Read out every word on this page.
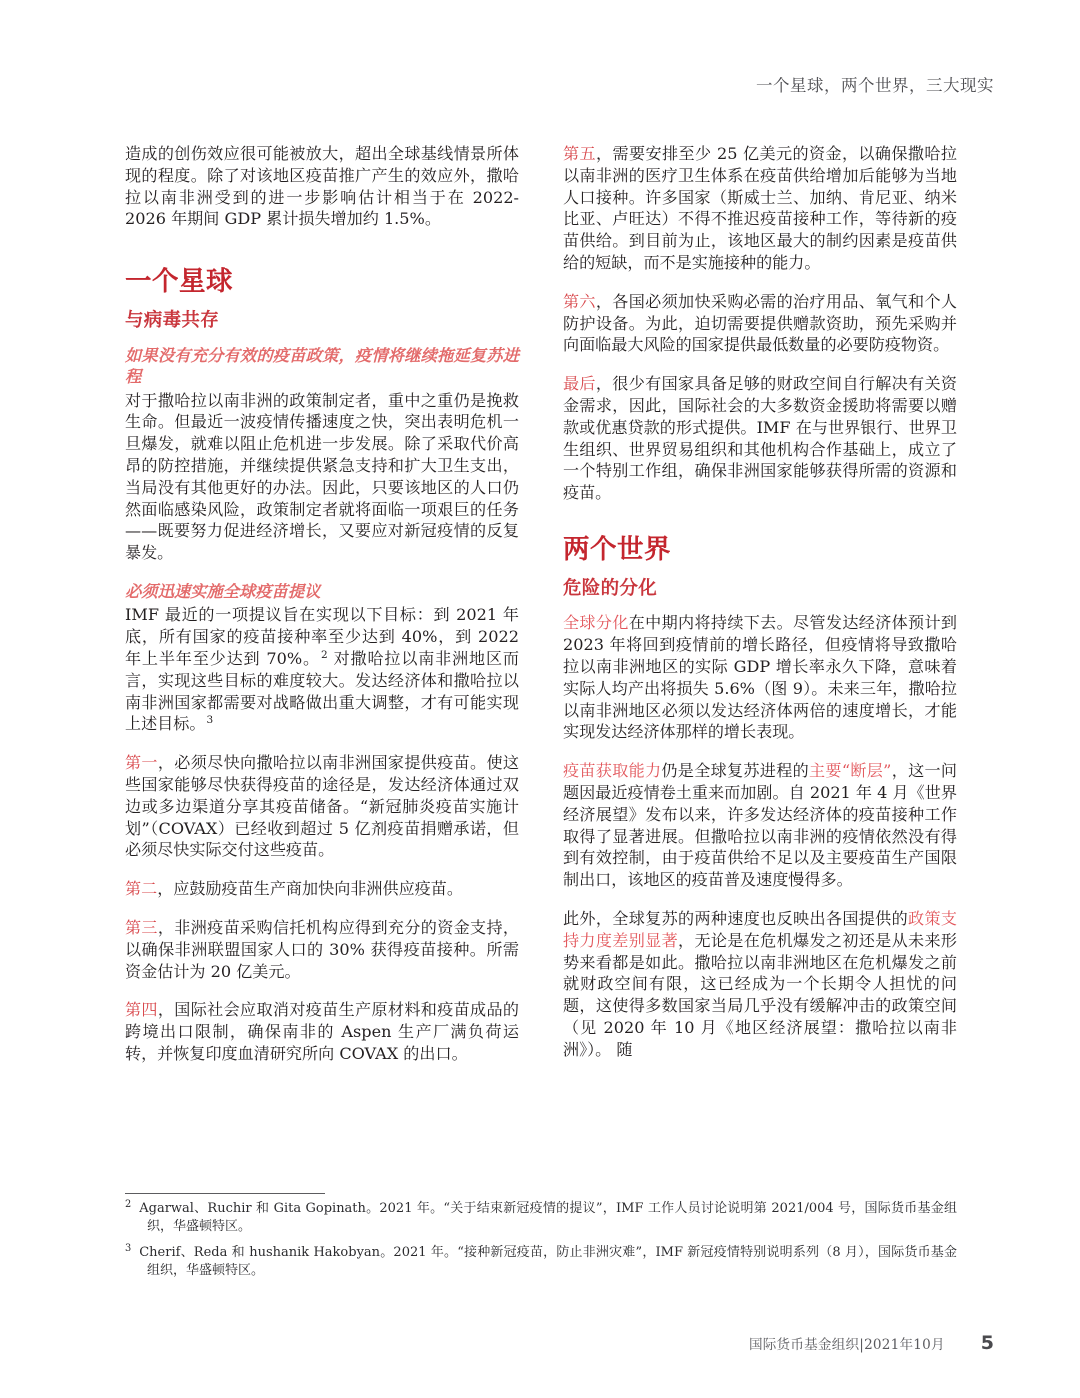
一个星球，两个世界，三大现实

造成的创伤效应很可能被放大，超出全球基线情景所体现的程度。除了对该地区疫苗推广产生的效应外，撒哈拉以南非洲受到的进一步影响估计相当于在 2022-2026 年期间 GDP 累计损失增加约 1.5%。

一个星球
与病毒共存
如果没有充分有效的疫苗政策，疫情将继续拖延复苏进程

对于撒哈拉以南非洲的政策制定者，重中之重仍是挽救生命。但最近一波疫情传播速度之快，突出表明危机一旦爆发，就难以阻止危机进一步发展。除了采取代价高昂的防控措施，并继续提供紧急支持和扩大卫生支出，当局没有其他更好的办法。因此，只要该地区的人口仍然面临感染风险，政策制定者就将面临一项艰巨的任务——既要努力促进经济增长，又要应对新冠疫情的反复暴发。

必须迅速实施全球疫苗提议

IMF 最近的一项提议旨在实现以下目标：到 2021 年底，所有国家的疫苗接种率至少达到 40%，到 2022 年上半年至少达到 70%。$^2$ 对撒哈拉以南非洲地区而言，实现这些目标的难度较大。发达经济体和撒哈拉以南非洲国家都需要对战略做出重大调整，才有可能实现上述目标。$^3$

第一，必须尽快向撒哈拉以南非洲国家提供疫苗。使这些国家能够尽快获得疫苗的途径是，发达经济体通过双边或多边渠道分享其疫苗储备。“新冠肺炎疫苗实施计划”（COVAX）已经收到超过 5 亿剂疫苗捐赠承诺，但必须尽快实际交付这些疫苗。

第二，应鼓励疫苗生产商加快向非洲供应疫苗。

第三，非洲疫苗采购信托机构应得到充分的资金支持，以确保非洲联盟国家人口的 30% 获得疫苗接种。所需资金估计为 20 亿美元。

第四，国际社会应取消对疫苗生产原材料和疫苗成品的跨境出口限制，确保南非的 Aspen 生产厂满负荷运转，并恢复印度血清研究所向 COVAX 的出口。

第五，需要安排至少 25 亿美元的资金，以确保撒哈拉以南非洲的医疗卫生体系在疫苗供给增加后能够为当地人口接种。许多国家（斯威士兰、加纳、肯尼亚、纳米比亚、卢旺达）不得不推迟疫苗接种工作，等待新的疫苗供给。到目前为止，该地区最大的制约因素是疫苗供给的短缺，而不是实施接种的能力。

第六，各国必须加快采购必需的治疗用品、氧气和个人防护设备。为此，迫切需要提供赠款资助，预先采购并向面临最大风险的国家提供最低数量的必要防疫物资。

最后，很少有国家具备足够的财政空间自行解决有关资金需求，因此，国际社会的大多数资金援助将需要以赠款或优惠贷款的形式提供。IMF 在与世界银行、世界卫生组织、世界贸易组织和其他机构合作基础上，成立了一个特别工作组，确保非洲国家能够获得所需的资源和疫苗。

两个世界
危险的分化

全球分化在中期内将持续下去。尽管发达经济体预计到 2023 年将回到疫情前的增长路径，但疫情将导致撒哈拉以南非洲地区的实际 GDP 增长率永久下降，意味着实际人均产出将损失 5.6%（图 9）。未来三年，撒哈拉以南非洲地区必须以发达经济体两倍的速度增长，才能实现发达经济体那样的增长表现。

疫苗获取能力仍是全球复苏进程的主要“断层”，这一问题因最近疫情卷土重来而加剧。自 2021 年 4 月《世界经济展望》发布以来，许多发达经济体的疫苗接种工作取得了显著进展。但撒哈拉以南非洲的疫情依然没有得到有效控制，由于疫苗供给不足以及主要疫苗生产国限制出口，该地区的疫苗普及速度慢得多。

此外，全球复苏的两种速度也反映出各国提供的政策支持力度差别显著，无论是在危机爆发之初还是从未来形势来看都是如此。撒哈拉以南非洲地区在危机爆发之前就财政空间有限，这已经成为一个长期令人担忧的问题，这使得多数国家当局几乎没有缓解冲击的政策空间（见 2020 年 10 月《地区经济展望：撒哈拉以南非洲》）。 随

$^2$ Agarwal、Ruchir 和 Gita Gopinath。2021 年。“关于结束新冠疫情的提议”，IMF 工作人员讨论说明第 2021/004 号，国际货币基金组织，华盛顿特区。
$^3$ Cherif、Reda 和 hushanik Hakobyan。2021 年。“接种新冠疫苗，防止非洲灾难”，IMF 新冠疫情特别说明系列（8 月），国际货币基金组织，华盛顿特区。
国际货币基金组织|2021年10月 5
